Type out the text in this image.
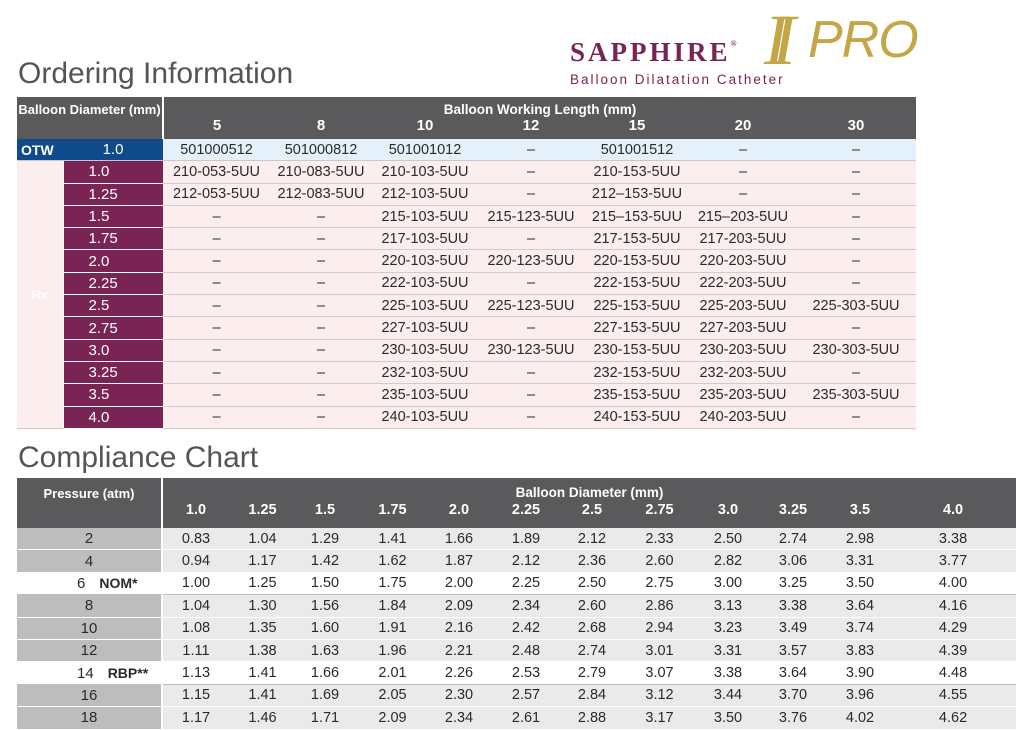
SAPPHIRE® II PRO
Balloon Dilatation Catheter
Ordering Information
Balloon Diameter (mm)		Balloon Working Length (mm)						
		5	8	10	12	15	20	30
OTW	1.0	501000512	501000812	501001012	–	501001512	–	–
Rx	1.0	210-053-5UU	210-083-5UU	210-103-5UU	–	210-153-5UU	–	–
	1.25	212-053-5UU	212-083-5UU	212-103-5UU	–	212–153-5UU	–	–
	1.5	–	–	215-103-5UU	215-123-5UU	215–153-5UU	215–203-5UU	–
	1.75	–	–	217-103-5UU	–	217-153-5UU	217-203-5UU	–
	2.0	–	–	220-103-5UU	220-123-5UU	220-153-5UU	220-203-5UU	–
	2.25	–	–	222-103-5UU	–	222-153-5UU	222-203-5UU	–
	2.5	–	–	225-103-5UU	225-123-5UU	225-153-5UU	225-203-5UU	225-303-5UU
	2.75	–	–	227-103-5UU	–	227-153-5UU	227-203-5UU	–
	3.0	–	–	230-103-5UU	230-123-5UU	230-153-5UU	230-203-5UU	230-303-5UU
	3.25	–	–	232-103-5UU	–	232-153-5UU	232-203-5UU	–
	3.5	–	–	235-103-5UU	–	235-153-5UU	235-203-5UU	235-303-5UU
	4.0	–	–	240-103-5UU	–	240-153-5UU	240-203-5UU	–
Compliance Chart
Pressure (atm)	Balloon Diameter (mm)											
	1.0	1.25	1.5	1.75	2.0	2.25	2.5	2.75	3.0	3.25	3.5	4.0
2	0.83	1.04	1.29	1.41	1.66	1.89	2.12	2.33	2.50	2.74	2.98	3.38
4	0.94	1.17	1.42	1.62	1.87	2.12	2.36	2.60	2.82	3.06	3.31	3.77
6 NOM*	1.00	1.25	1.50	1.75	2.00	2.25	2.50	2.75	3.00	3.25	3.50	4.00
8	1.04	1.30	1.56	1.84	2.09	2.34	2.60	2.86	3.13	3.38	3.64	4.16
10	1.08	1.35	1.60	1.91	2.16	2.42	2.68	2.94	3.23	3.49	3.74	4.29
12	1.11	1.38	1.63	1.96	2.21	2.48	2.74	3.01	3.31	3.57	3.83	4.39
14 RBP**	1.13	1.41	1.66	2.01	2.26	2.53	2.79	3.07	3.38	3.64	3.90	4.48
16	1.15	1.41	1.69	2.05	2.30	2.57	2.84	3.12	3.44	3.70	3.96	4.55
18	1.17	1.46	1.71	2.09	2.34	2.61	2.88	3.17	3.50	3.76	4.02	4.62
